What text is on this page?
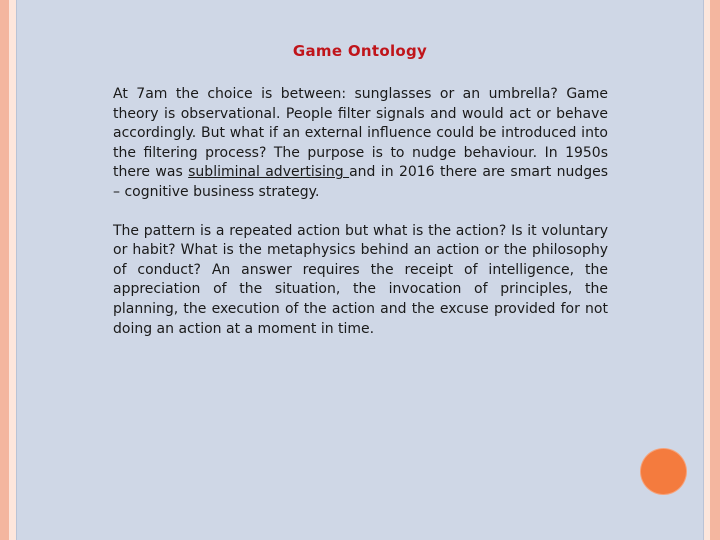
Game Ontology

At 7am the choice is between: sunglasses or an umbrella? Game theory is observational. People filter signals and would act or behave accordingly. But what if an external influence could be introduced into the filtering process? The purpose is to nudge behaviour. In 1950s there was subliminal advertising and in 2016 there are smart nudges – cognitive business strategy.

The pattern is a repeated action but what is the action? Is it voluntary or habit? What is the metaphysics behind an action or the philosophy of conduct? An answer requires the receipt of intelligence, the appreciation of the situation, the invocation of principles, the planning, the execution of the action and the excuse provided for not doing an action at a moment in time.
